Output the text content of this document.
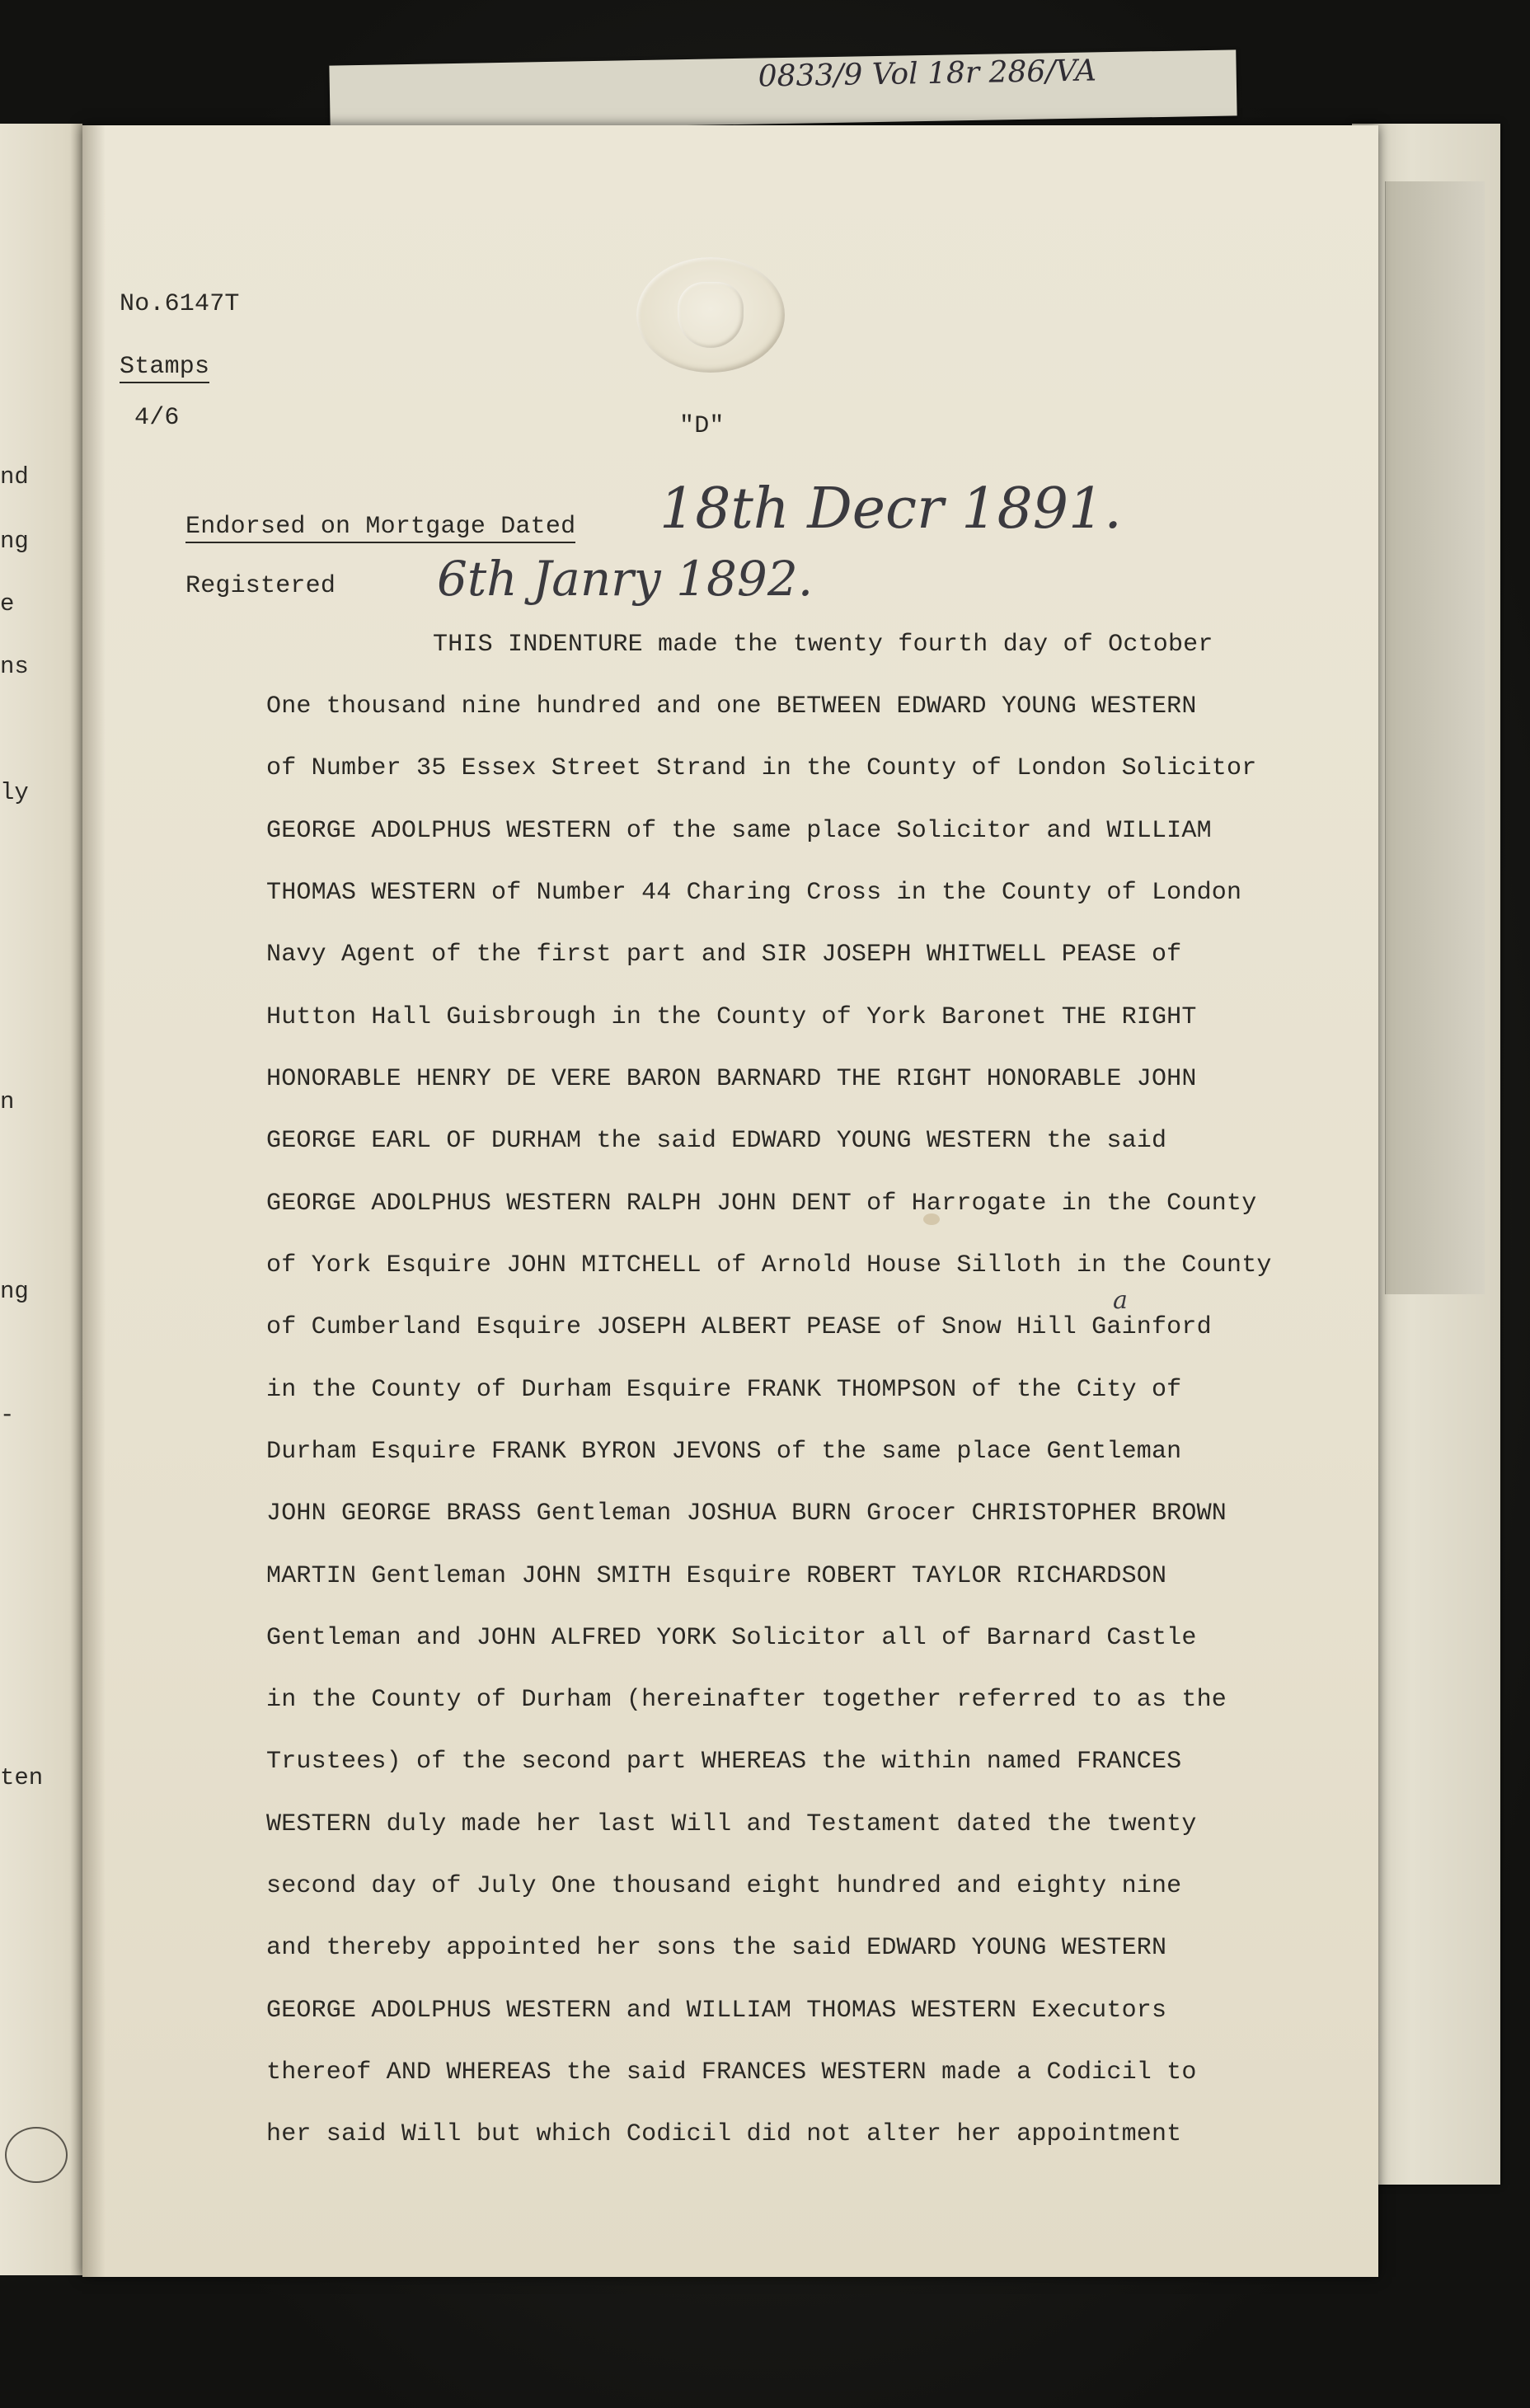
0833/9 Vol 18r 286/VA
nd
ng
e
ns
ly
n
ng
-
ten
No.6147T
Stamps
4/6	"D"
Endorsed on Mortgage Dated 18th Decr 1891.
Registered 6th Janry 1892.
THIS INDENTURE made the twenty fourth day of October
One thousand nine hundred and one BETWEEN EDWARD YOUNG WESTERN
of Number 35 Essex Street Strand in the County of London Solicitor
GEORGE ADOLPHUS WESTERN of the same place Solicitor and WILLIAM
THOMAS WESTERN of Number 44 Charing Cross in the County of London
Navy Agent of the first part and SIR JOSEPH WHITWELL PEASE of
Hutton Hall Guisbrough in the County of York Baronet THE RIGHT
HONORABLE HENRY DE VERE BARON BARNARD THE RIGHT HONORABLE JOHN
GEORGE EARL OF DURHAM the said EDWARD YOUNG WESTERN the said
GEORGE ADOLPHUS WESTERN RALPH JOHN DENT of Harrogate in the County
of York Esquire JOHN MITCHELL of Arnold House Silloth in the County
of Cumberland Esquire JOSEPH ALBERT PEASE of Snow Hill Gainford
in the County of Durham Esquire FRANK THOMPSON of the City of
Durham Esquire FRANK BYRON JEVONS of the same place Gentleman
JOHN GEORGE BRASS Gentleman JOSHUA BURN Grocer CHRISTOPHER BROWN
MARTIN Gentleman JOHN SMITH Esquire ROBERT TAYLOR RICHARDSON
Gentleman and JOHN ALFRED YORK Solicitor all of Barnard Castle
in the County of Durham (hereinafter together referred to as the
Trustees) of the second part WHEREAS the within named FRANCES
WESTERN duly made her last Will and Testament dated the twenty
second day of July One thousand eight hundred and eighty nine
and thereby appointed her sons the said EDWARD YOUNG WESTERN
GEORGE ADOLPHUS WESTERN and WILLIAM THOMAS WESTERN Executors
thereof AND WHEREAS the said FRANCES WESTERN made a Codicil to
her said Will but which Codicil did not alter her appointment
a
